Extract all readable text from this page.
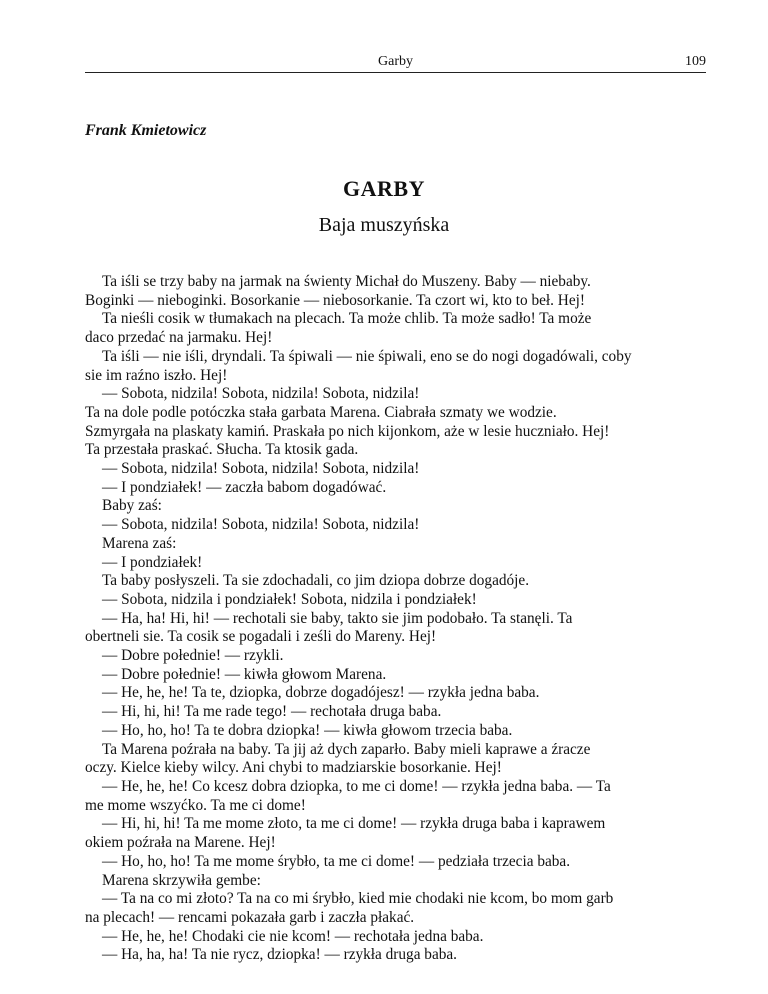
Garby	109
Frank Kmietowicz
GARBY
Baja muszyńska
Ta iśli se trzy baby na jarmak na świenty Michał do Muszeny. Baby — niebaby.
Boginki — nieboginki. Bosorkanie — niebosorkanie. Ta czort wi, kto to beł. Hej!
Ta nieśli cosik w tłumakach na plecach. Ta może chlib. Ta może sadło! Ta może
daco przedać na jarmaku. Hej!
Ta iśli — nie iśli, dryndali. Ta śpiwali — nie śpiwali, eno se do nogi dogadówali, coby
sie im raźno iszło. Hej!
— Sobota, nidzila! Sobota, nidzila! Sobota, nidzila!
Ta na dole podle potóczka stała garbata Marena. Ciabrała szmaty we wodzie.
Szmyrgała na plaskaty kamiń. Praskała po nich kijonkom, aże w lesie huczniało. Hej!
Ta przestała praskać. Słucha. Ta ktosik gada.
— Sobota, nidzila! Sobota, nidzila! Sobota, nidzila!
— I pondziałek! — zaczła babom dogadówać.
Baby zaś:
— Sobota, nidzila! Sobota, nidzila! Sobota, nidzila!
Marena zaś:
— I pondziałek!
Ta baby posłyszeli. Ta sie zdochadali, co jim dziopa dobrze dogadóje.
— Sobota, nidzila i pondziałek! Sobota, nidzila i pondziałek!
— Ha, ha! Hi, hi! — rechotali sie baby, takto sie jim podobało. Ta stanęli. Ta
obertneli sie. Ta cosik se pogadali i ześli do Mareny. Hej!
— Dobre połednie! — rzykli.
— Dobre połednie! — kiwła głowom Marena.
— He, he, he! Ta te, dziopka, dobrze dogadójesz! — rzykła jedna baba.
— Hi, hi, hi! Ta me rade tego! — rechotała druga baba.
— Ho, ho, ho! Ta te dobra dziopka! — kiwła głowom trzecia baba.
Ta Marena poźrała na baby. Ta jij aż dych zaparło. Baby mieli kaprawe a źracze
oczy. Kielce kieby wilcy. Ani chybi to madziarskie bosorkanie. Hej!
— He, he, he! Co kcesz dobra dziopka, to me ci dome! — rzykła jedna baba. — Ta
me mome wszyćko. Ta me ci dome!
— Hi, hi, hi! Ta me mome złoto, ta me ci dome! — rzykła druga baba i kaprawem
okiem poźrała na Marene. Hej!
— Ho, ho, ho! Ta me mome śrybło, ta me ci dome! — pedziała trzecia baba.
Marena skrzywiła gembe:
— Ta na co mi złoto? Ta na co mi śrybło, kied mie chodaki nie kcom, bo mom garb
na plecach! — rencami pokazała garb i zaczła płakać.
— He, he, he! Chodaki cie nie kcom! — rechotała jedna baba.
— Ha, ha, ha! Ta nie rycz, dziopka! — rzykła druga baba.
